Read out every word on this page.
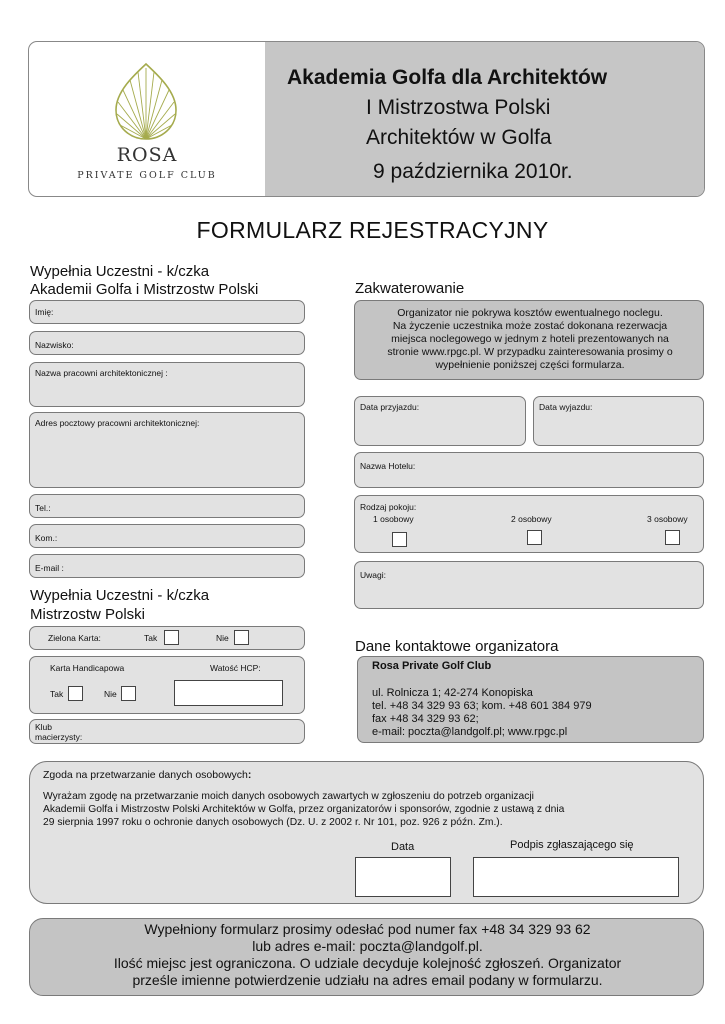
ROSA
PRIVATE GOLF CLUB
Akademia Golfa dla Architektów
I Mistrzostwa Polski
Architektów w Golfa
9 października 2010r.
FORMULARZ REJESTRACYJNY
Wypełnia Uczestni - k/czka
Akademii Golfa i Mistrzostw Polski
Imię:
Nazwisko:
Nazwa pracowni architektonicznej :
Adres pocztowy pracowni architektonicznej:
Tel.:
Kom.:
E-mail :
Wypełnia Uczestni - k/czka
Mistrzostw Polski
Zielona Karta:	Tak	Nie
Karta Handicapowa	Watość HCP:
Tak	Nie
Klub
macierzysty:
Zakwaterowanie
Organizator nie pokrywa kosztów ewentualnego noclegu.
Na życzenie uczestnika może zostać dokonana rezerwacja
miejsca noclegowego w jednym z hoteli prezentowanych na
stronie www.rpgc.pl. W przypadku zainteresowania prosimy o
wypełnienie poniższej części formularza.
Data przyjazdu:	Data wyjazdu:
Nazwa Hotelu:
Rodzaj pokoju:
1 osobowy	2 osobowy	3 osobowy
Uwagi:
Dane kontaktowe organizatora
Rosa Private Golf Club
ul. Rolnicza 1; 42-274 Konopiska
tel. +48 34 329 93 63; kom. +48 601 384 979
fax +48 34 329 93 62;
e-mail: poczta@landgolf.pl; www.rpgc.pl
Zgoda na przetwarzanie danych osobowych:
Wyrażam zgodę na przetwarzanie moich danych osobowych zawartych w zgłoszeniu do potrzeb organizacji
Akademii Golfa i Mistrzostw Polski Architektów w Golfa, przez organizatorów i sponsorów, zgodnie z ustawą z dnia
29 sierpnia 1997 roku o ochronie danych osobowych (Dz. U. z 2002 r. Nr 101, poz. 926 z późn. Zm.).
Data	Podpis zgłaszającego się
Wypełniony formularz prosimy odesłać pod numer fax +48 34 329 93 62
lub adres e-mail: poczta@landgolf.pl.
Ilość miejsc jest ograniczona. O udziale decyduje kolejność zgłoszeń. Organizator
prześle imienne potwierdzenie udziału na adres email podany w formularzu.
